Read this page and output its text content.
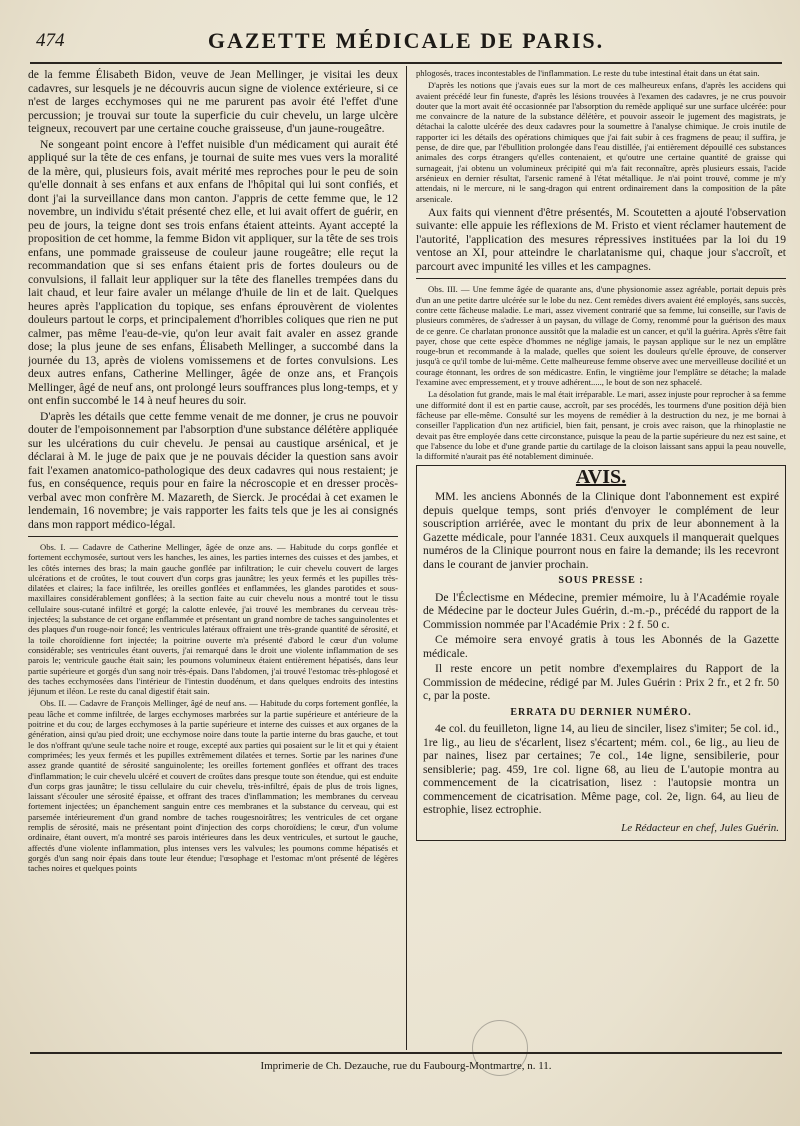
474	GAZETTE MÉDICALE DE PARIS.

de la femme Élisabeth Bidon, veuve de Jean Mellinger, je visitai les deux cadavres, sur lesquels je ne découvris aucun signe de violence extérieure, si ce n'est de larges ecchymoses qui ne me parurent pas avoir été l'effet d'une percussion; je trouvai sur toute la superficie du cuir chevelu, un large ulcère teigneux, recouvert par une certaine couche graisseuse, d'un jaune-rougeâtre.

Ne songeant point encore à l'effet nuisible d'un médicament qui aurait été appliqué sur la tête de ces enfans, je tournai de suite mes vues vers la moralité de la mère, qui, plusieurs fois, avait mérité mes reproches pour le peu de soin qu'elle donnait à ses enfans et aux enfans de l'hôpital qui lui sont confiés, et dont j'ai la surveillance dans mon canton. J'appris de cette femme que, le 12 novembre, un individu s'était présenté chez elle, et lui avait offert de guérir, en peu de jours, la teigne dont ses trois enfans étaient atteints. Ayant accepté la proposition de cet homme, la femme Bidon vit appliquer, sur la tête de ses trois enfans, une pommade graisseuse de couleur jaune rougeâtre; elle reçut la recommandation que si ses enfans étaient pris de fortes douleurs ou de convulsions, il fallait leur appliquer sur la tête des flanelles trempées dans du lait chaud, et leur faire avaler un mélange d'huile de lin et de lait. Quelques heures après l'application du topique, ses enfans éprouvèrent de violentes douleurs partout le corps, et principalement d'horribles coliques que rien ne put calmer, pas même l'eau-de-vie, qu'on leur avait fait avaler en assez grande dose; la plus jeune de ses enfans, Élisabeth Mellinger, a succombé dans la journée du 13, après de violens vomissemens et de fortes convulsions. Les deux autres enfans, Catherine Mellinger, âgée de onze ans, et François Mellinger, âgé de neuf ans, ont prolongé leurs souffrances plus long-temps, et y ont enfin succombé le 14 à neuf heures du soir.

D'après les détails que cette femme venait de me donner, je crus ne pouvoir douter de l'empoisonnement par l'absorption d'une substance délétère appliquée sur les ulcérations du cuir chevelu. Je pensai au caustique arsénical, et je déclarai à M. le juge de paix que je ne pouvais décider la question sans avoir fait l'examen anatomico-pathologique des deux cadavres qui nous restaient; je fus, en conséquence, requis pour en faire la nécroscopie et en dresser procès-verbal avec mon confrère M. Mazareth, de Sierck. Je procédai à cet examen le lendemain, 16 novembre; je vais rapporter les faits tels que je les ai consignés dans mon rapport médico-légal.

Obs. I. — Cadavre de Catherine Mellinger, âgée de onze ans. — Habitude du corps gonflée et fortement ecchymosée, surtout vers les hanches, les aines, les parties internes des cuisses et des jambes, et les côtés internes des bras; la main gauche gonflée par infiltration; le cuir chevelu couvert de larges ulcérations et de croûtes, le tout couvert d'un corps gras jaunâtre; les yeux fermés et les pupilles très-dilatées et claires; la face infiltrée, les oreilles gonflées et enflammées, les glandes parotides et sous-maxillaires considérablement gonflées; à la section faite au cuir chevelu nous a montré tout le tissu cellulaire sous-cutané infiltré et gorgé; la calotte enlevée, j'ai trouvé les membranes du cerveau très-injectées; la substance de cet organe enflammée et présentant un grand nombre de taches sanguinolentes et des plaques d'un rouge-noir foncé; les ventricules latéraux offraient une très-grande quantité de sérosité, et la toile choroïdienne fort injectée; la poitrine ouverte m'a présenté d'abord le cœur d'un volume considérable; ses ventricules étant ouverts, j'ai remarqué dans le droit une violente inflammation de ses parois le; ventricule gauche était sain; les poumons volumineux étaient entièrement hépatisés, dans leur partie supérieure et gorgés d'un sang noir très-épais. Dans l'abdomen, j'ai trouvé l'estomac très-phlogosé et des taches ecchymosées dans l'intérieur de l'intestin duodénum, et dans quelques endroits des intestins jéjunum et iléon. Le reste du canal digestif était sain.

Obs. II. — Cadavre de François Mellinger, âgé de neuf ans. — Habitude du corps fortement gonflée, la peau lâche et comme infiltrée, de larges ecchymoses marbrées sur la partie supérieure et antérieure de la poitrine et du cou; de larges ecchymoses à la partie supérieure et interne des cuisses et aux organes de la génération, ainsi qu'au pied droit; une ecchymose noire dans toute la partie interne du bras gauche, et tout le dos n'offrant qu'une seule tache noire et rouge, excepté aux parties qui posaient sur le lit et qui y étaient comprimées; les yeux fermés et les pupilles extrêmement dilatées et ternes. Sortie par les narines d'une assez grande quantité de sérosité sanguinolente; les oreilles fortement gonflées et offrant des traces d'inflammation; le cuir chevelu ulcéré et couvert de croûtes dans presque toute son étendue, qui est enduite d'un corps gras jaunâtre; le tissu cellulaire du cuir chevelu, très-infiltré, épais de plus de trois lignes, laissant s'écouler une sérosité épaisse, et offrant des traces d'inflammation; les membranes du cerveau fortement injectées; un épanchement sanguin entre ces membranes et la substance du cerveau, qui est parsemée intérieurement d'un grand nombre de taches rougesnoirâtres; les ventricules de cet organe remplis de sérosité, mais ne présentant point d'injection des corps choroïdiens; le cœur, d'un volume ordinaire, étant ouvert, m'a montré ses parois intérieures dans les deux ventricules, et surtout le gauche, affectés d'une violente inflammation, plus intenses vers les valvules; les poumons comme hépatisés et gorgés d'un sang noir épais dans toute leur étendue; l'œsophage et l'estomac m'ont présenté de légères taches noires et quelques points

phlogosés, traces incontestables de l'inflammation. Le reste du tube intestinal était dans un état sain.

D'après les notions que j'avais eues sur la mort de ces malheureux enfans, d'après les accidens qui avaient précédé leur fin funeste, d'après les lésions trouvées à l'examen des cadavres, je ne crus pouvoir douter que la mort avait été occasionnée par l'absorption du remède appliqué sur une surface ulcérée: pour me convaincre de la nature de la substance délétère, et pouvoir asseoir le jugement des magistrats, je détachai la calotte ulcérée des deux cadavres pour la soumettre à l'analyse chimique. Je crois inutile de rapporter ici les détails des opérations chimiques que j'ai fait subir à ces fragmens de peau; il suffira, je pense, de dire que, par l'ébullition prolongée dans l'eau distillée, j'ai entièrement dépouillé ces substances animales des corps étrangers qu'elles contenaient, et qu'outre une certaine quantité de graisse qui surnageait, j'ai obtenu un volumineux précipité qui m'a fait reconnaître, après plusieurs essais, l'acide arsénieux en dernier résultat, l'arsenic ramené à l'état métallique. Je n'ai point trouvé, comme je m'y attendais, ni le mercure, ni le sang-dragon qui entrent ordinairement dans la composition de la pâte arsenicale.

Aux faits qui viennent d'être présentés, M. Scoutetten a ajouté l'observation suivante: elle appuie les réflexions de M. Fristo et vient réclamer hautement de l'autorité, l'application des mesures répressives instituées par la loi du 19 ventose an XI, pour atteindre le charlatanisme qui, chaque jour s'accroît, et parcourt avec impunité les villes et les campagnes.

Obs. III. — Une femme âgée de quarante ans, d'une physionomie assez agréable, portait depuis près d'un an une petite dartre ulcérée sur le lobe du nez. Cent remèdes divers avaient été employés, sans succès, contre cette fâcheuse maladie. Le mari, assez vivement contrarié que sa femme, lui conseille, sur l'avis de plusieurs commères, de s'adresser à un paysan, du village de Corny, renommé pour la guérison des maux de ce genre. Ce charlatan prononce aussitôt que la maladie est un cancer, et qu'il la guérira. Après s'être fait payer, chose que cette espèce d'hommes ne néglige jamais, le paysan applique sur le nez un emplâtre rouge-brun et recommande à la malade, quelles que soient les douleurs qu'elle éprouve, de conserver jusqu'à ce qu'il tombe de lui-même. Cette malheureuse femme observe avec une merveilleuse docilité et un courage étonnant, les ordres de son médicastre. Enfin, le vingtième jour l'emplâtre se détache; la malade l'examine avec empressement, et y trouve adhérent....., le bout de son nez sphacelé.

La désolation fut grande, mais le mal était irréparable. Le mari, assez injuste pour reprocher à sa femme une difformité dont il est en partie cause, accroît, par ses procédés, les tourmens d'une position déjà bien fâcheuse par elle-même. Consulté sur les moyens de remédier à la destruction du nez, je me bornai à conseiller l'application d'un nez artificiel, bien fait, pensant, je crois avec raison, que la rhinoplastie ne devait pas être employée dans cette circonstance, puisque la peau de la partie supérieure du nez est saine, et que l'absence du lobe et d'une grande partie du cartilage de la cloison laissant sans appui la peau nouvelle, la difformité n'aurait pas été notablement diminuée.

AVIS.

MM. les anciens Abonnés de la Clinique dont l'abonnement est expiré depuis quelque temps, sont priés d'envoyer le complément de leur souscription arriérée, avec le montant du prix de leur abonnement à la Gazette médicale, pour l'année 1831. Ceux auxquels il manquerait quelques numéros de la Clinique pourront nous en faire la demande; ils les recevront dans le courant de janvier prochain.

SOUS PRESSE :

De l'Éclectisme en Médecine, premier mémoire, lu à l'Académie royale de Médecine par le docteur Jules Guérin, d.-m.-p., précédé du rapport de la Commission nommée par l'Académie Prix : 2 f. 50 c.

Ce mémoire sera envoyé gratis à tous les Abonnés de la Gazette médicale.

Il reste encore un petit nombre d'exemplaires du Rapport de la Commission de médecine, rédigé par M. Jules Guérin : Prix 2 fr., et 2 fr. 50 c, par la poste.

ERRATA DU DERNIER NUMÉRO.

4e col. du feuilleton, ligne 14, au lieu de sinciler, lisez s'imiter; 5e col. id., 1re lig., au lieu de s'écarlent, lisez s'écartent; mém. col., 6e lig., au lieu de par naines, lisez par certaines; 7e col., 14e ligne, sensibilerie, pour sensiblerie; pag. 459, 1re col. ligne 68, au lieu de L'autopie montra au commencement de la cicatrisation, lisez : l'autopsie montra un commencement de cicatrisation. Même page, col. 2e, lign. 64, au lieu de estrophie, lisez ectrophie.

Le Rédacteur en chef, Jules Guérin.
Imprimerie de Ch. Dezauche, rue du Faubourg-Montmartre, n. 11.
